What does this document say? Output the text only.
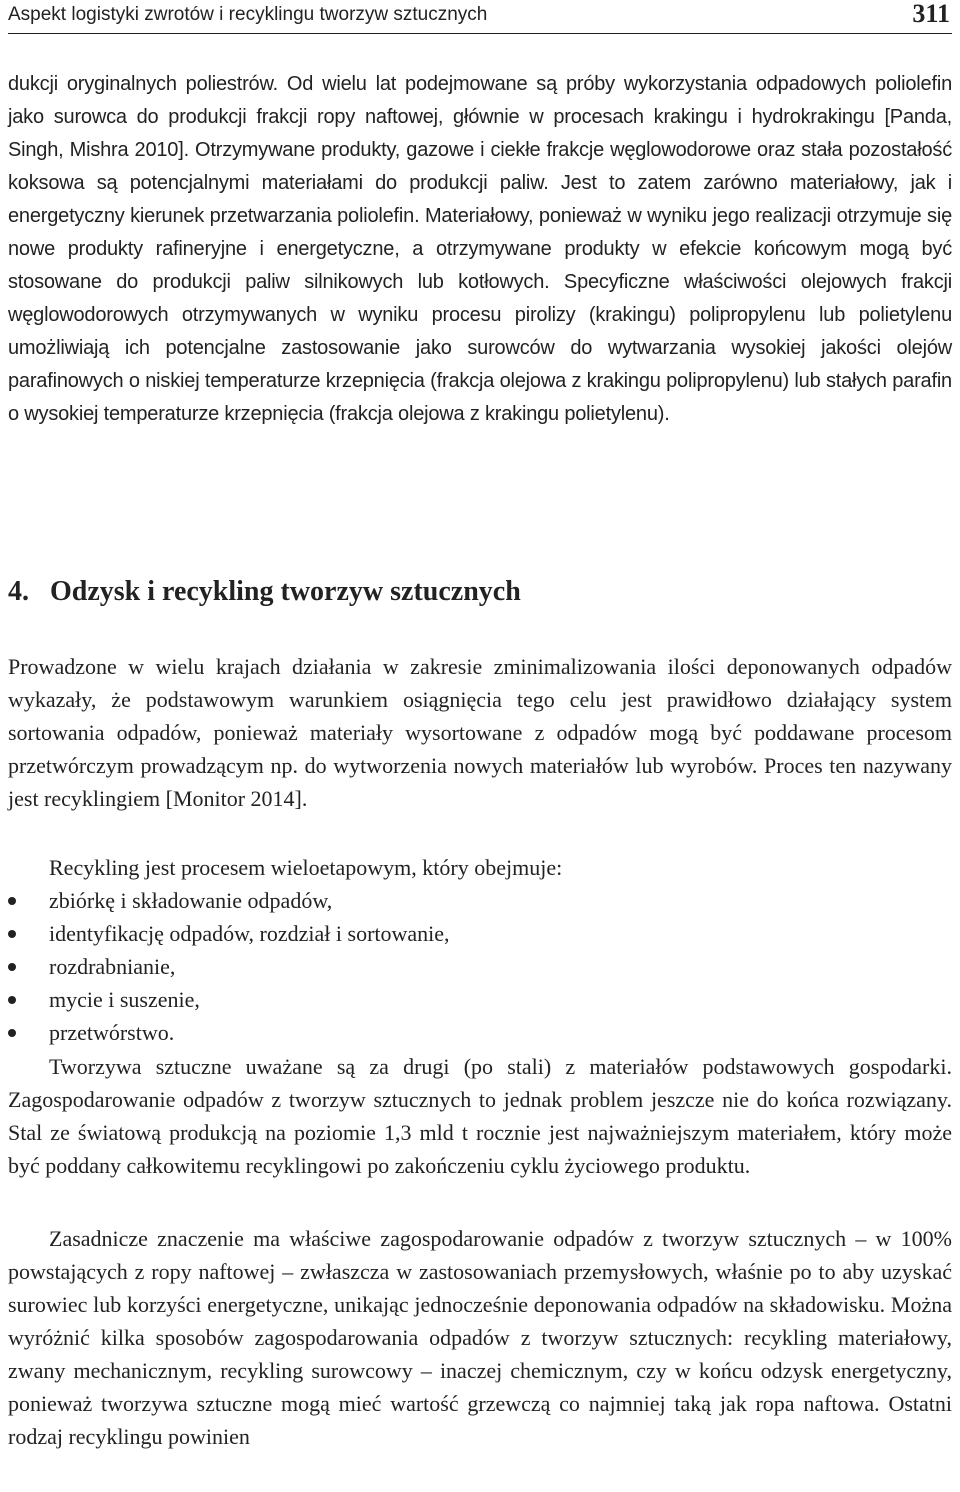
Aspekt logistyki zwrotów i recyklingu tworzyw sztucznych	311

dukcji oryginalnych poliestrów. Od wielu lat podejmowane są próby wykorzystania odpadowych poliolefin jako surowca do produkcji frakcji ropy naftowej, głównie w procesach krakingu i hydrokrakingu [Panda, Singh, Mishra 2010]. Otrzymywane produkty, gazowe i ciekłe frakcje węglowodorowe oraz stała pozostałość koksowa są potencjalnymi materiałami do produkcji paliw. Jest to zatem zarówno materiałowy, jak i energetyczny kierunek przetwarzania poliolefin. Materiałowy, ponieważ w wyniku jego realizacji otrzymuje się nowe produkty rafineryjne i energetyczne, a otrzymywane produkty w efekcie końcowym mogą być stosowane do produkcji paliw silnikowych lub kotłowych. Specyficzne właściwości olejowych frakcji węglowodorowych otrzymywanych w wyniku procesu pirolizy (krakingu) polipropylenu lub polietylenu umożliwiają ich potencjalne zastosowanie jako surowców do wytwarzania wysokiej jakości olejów parafinowych o niskiej temperaturze krzepnięcia (frakcja olejowa z krakingu polipropylenu) lub stałych parafin o wysokiej temperaturze krzepnięcia (frakcja olejowa z krakingu polietylenu).

4. Odzysk i recykling tworzyw sztucznych

Prowadzone w wielu krajach działania w zakresie zminimalizowania ilości deponowanych odpadów wykazały, że podstawowym warunkiem osiągnięcia tego celu jest prawidłowo działający system sortowania odpadów, ponieważ materiały wysortowane z odpadów mogą być poddawane procesom przetwórczym prowadzącym np. do wytworzenia nowych materiałów lub wyrobów. Proces ten nazywany jest recyklingiem [Monitor 2014].

Recykling jest procesem wieloetapowym, który obejmuje:

zbiórkę i składowanie odpadów,
identyfikację odpadów, rozdział i sortowanie,
rozdrabnianie,
mycie i suszenie,
przetwórstwo.

Tworzywa sztuczne uważane są za drugi (po stali) z materiałów podstawowych gospodarki. Zagospodarowanie odpadów z tworzyw sztucznych to jednak problem jeszcze nie do końca rozwiązany. Stal ze światową produkcją na poziomie 1,3 mld t rocznie jest najważniejszym materiałem, który może być poddany całkowitemu recyklingowi po zakończeniu cyklu życiowego produktu.

Zasadnicze znaczenie ma właściwe zagospodarowanie odpadów z tworzyw sztucznych – w 100% powstających z ropy naftowej – zwłaszcza w zastosowaniach przemysłowych, właśnie po to aby uzyskać surowiec lub korzyści energetyczne, unikając jednocześnie deponowania odpadów na składowisku. Można wyróżnić kilka sposobów zagospodarowania odpadów z tworzyw sztucznych: recykling materiałowy, zwany mechanicznym, recykling surowcowy – inaczej chemicznym, czy w końcu odzysk energetyczny, ponieważ tworzywa sztuczne mogą mieć wartość grzewczą co najmniej taką jak ropa naftowa. Ostatni rodzaj recyklingu powinien
